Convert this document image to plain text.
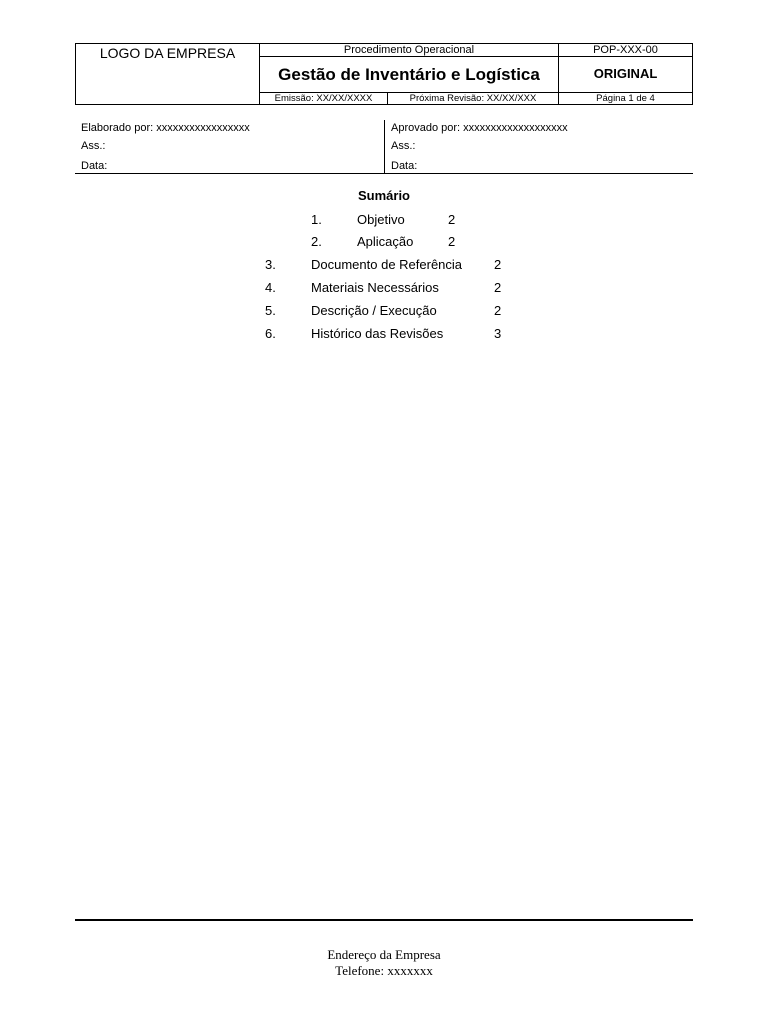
LOGO DA EMPRESA	Procedimento Operacional	POP-XXX-00
Gestão de Inventário e Logística	ORIGINAL
Emissão: XX/XX/XXXX	Próxima Revisão: XX/XX/XXX	Página 1 de 4
Elaborado por: xxxxxxxxxxxxxxxxx
Ass.:
Data:
Aprovado por: xxxxxxxxxxxxxxxxxxx
Ass.:
Data:
Sumário
1.	Objetivo	2
2.	Aplicação	2
3.	Documento de Referência 2
4.	Materiais Necessários	2
5.	Descrição / Execução	2
6.	Histórico das Revisões	3
Endereço da Empresa
Telefone: xxxxxxx
